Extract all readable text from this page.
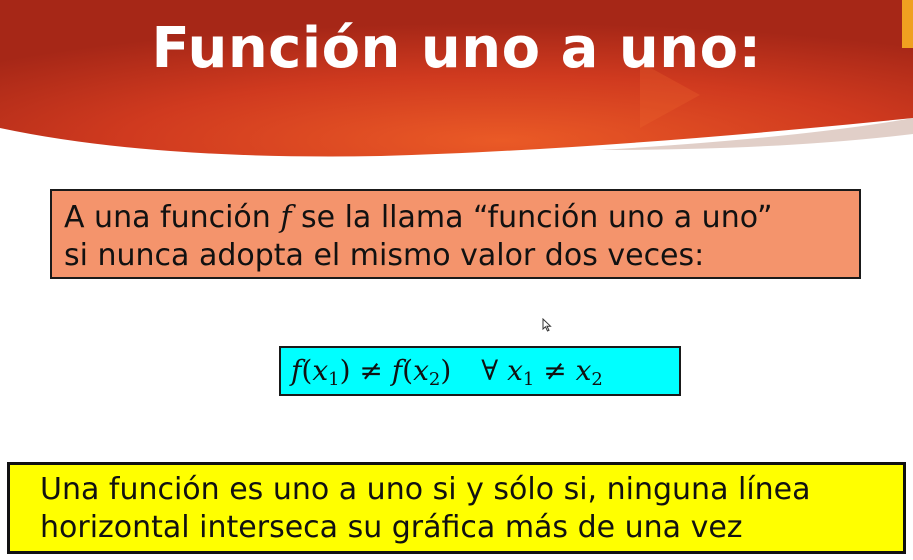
Función uno a uno:
A una función f se la llama “función uno a uno”
si nunca adopta el mismo valor dos veces:
$f(x_1) \ne f(x_2)$ ∀ $x_1 \ne x_2$
Una función es uno a uno si y sólo si, ninguna línea
horizontal interseca su gráfica más de una vez
